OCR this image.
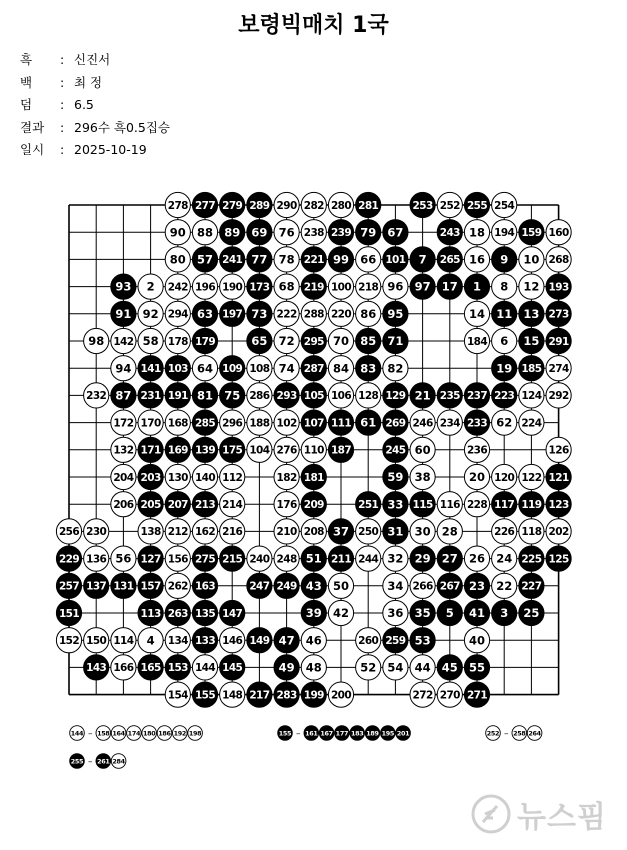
보령빅매치 1국
흑	: 신진서
백	: 최 정
덤	: 6.5
결과	: 296수 흑0.5집승
일시	: 2025-10-19
278 277 279 289 290 282 280 281	253 252 255 254
90 88 89 69 76 238 239 79 67	243 18 194 159 160
80 57 241 77 78 221 99 66 101 7 265 16 9 10 268
93 2 242 196 190 173 68 219 100 218 96 97 17 1 8 12 193
91 92 294 63 197 73 222 288 220 86 95	14 11 13 273
98 142 58 178 179	65 72 295 70 85 71	184 6 15 291
94 141 103 64 109 108 74 287 84 83 82	19 185 274
232 87 231 191 81 75 286 293 105 106 128 129 21 235 237 223 124 292
172 170 168 285 296 188 102 107 111 61 269 246 234 233 62 224
132 171 169 139 175 104 276 110 187	245 60	236	126
204 203 130 140 112	182 181	59 38	20 120 122 121
206 205 207 213 214	176 209	251 33 115 116 228 117 119 123
256 230	138 212 162 216	210 208 37 250 31 30 28	226 118 202
229 136 56 127 156 275 215 240 248 51 211 244 32 29 27 26 24 225 125
257 137 131 157 262 163	247 249 43 50	34 266 267 23 22 227
151	113 263 135 147	39 42	36 35 5 41 3 25
152 150 114 4 134 133 146 149 47 46	260 259 53	40
143 166 165 153 144 145	49 48	52 54 44 45 55
154 155 148 217 283 199 200	272 270 271
144 – 158 164 174 180 186 192 198	155 – 161 167 177 183 189 195 201	252 – 258 264
255 – 261 284
뉴스핌
